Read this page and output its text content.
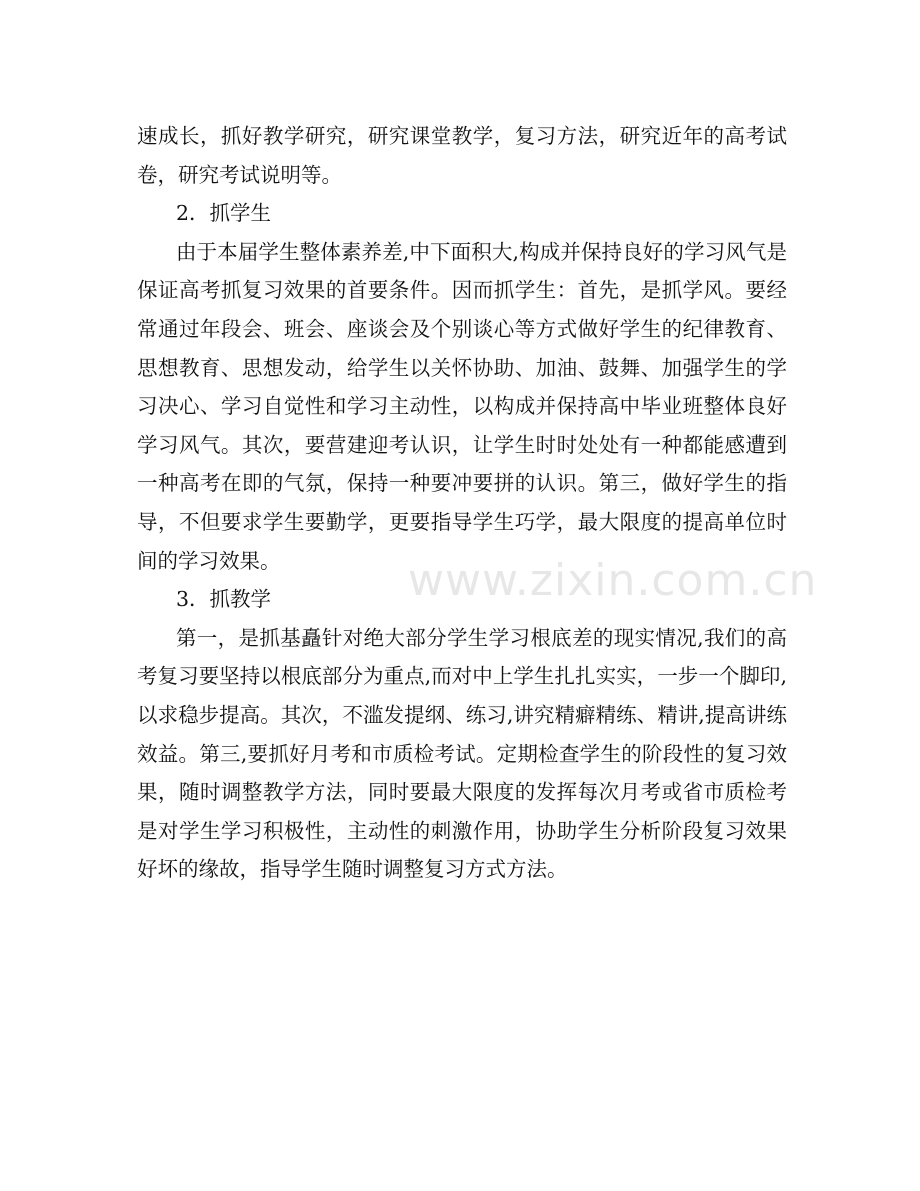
速成长，抓好教学研究，研究课堂教学，复习方法，研究近年的高考试卷，研究考试说明等。

2．抓学生

由于本届学生整体素养差,中下面积大,构成并保持良好的学习风气是保证高考抓复习效果的首要条件。因而抓学生：首先，是抓学风。要经常通过年段会、班会、座谈会及个别谈心等方式做好学生的纪律教育、思想教育、思想发动，给学生以关怀协助、加油、鼓舞、加强学生的学习决心、学习自觉性和学习主动性，以构成并保持高中毕业班整体良好学习风气。其次，要营建迎考认识，让学生时时处处有一种都能感遭到一种高考在即的气氛，保持一种要冲要拼的认识。第三，做好学生的指导，不但要求学生要勤学，更要指导学生巧学，最大限度的提高单位时间的学习效果。

3．抓教学

第一，是抓基矗针对绝大部分学生学习根底差的现实情况,我们的高考复习要坚持以根底部分为重点,而对中上学生扎扎实实，一步一个脚印,以求稳步提高。其次，不滥发提纲、练习,讲究精癖精练、精讲,提高讲练效益。第三,要抓好月考和市质检考试。定期检查学生的阶段性的复习效果，随时调整教学方法，同时要最大限度的发挥每次月考或省市质检考是对学生学习积极性，主动性的刺激作用，协助学生分析阶段复习效果好坏的缘故，指导学生随时调整复习方式方法。

www.zixin.com.cn
